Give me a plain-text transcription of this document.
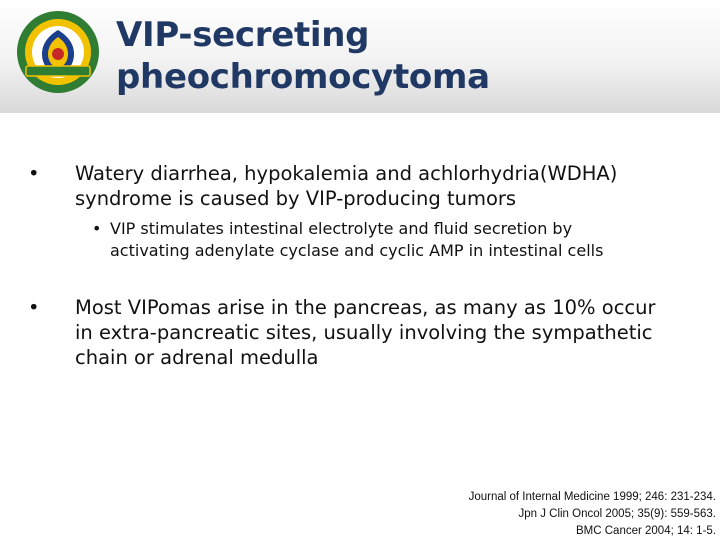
VIP-secreting
pheochromocytoma
• Watery diarrhea, hypokalemia and achlorhydria(WDHA) syndrome is caused by VIP-producing tumors
• VIP stimulates intestinal electrolyte and fluid secretion by activating adenylate cyclase and cyclic AMP in intestinal cells
• Most VIPomas arise in the pancreas, as many as 10% occur in extra-pancreatic sites, usually involving the sympathetic chain or adrenal medulla
Journal of Internal Medicine 1999; 246: 231-234.
Jpn J Clin Oncol 2005; 35(9): 559-563.
BMC Cancer 2004; 14: 1-5.
